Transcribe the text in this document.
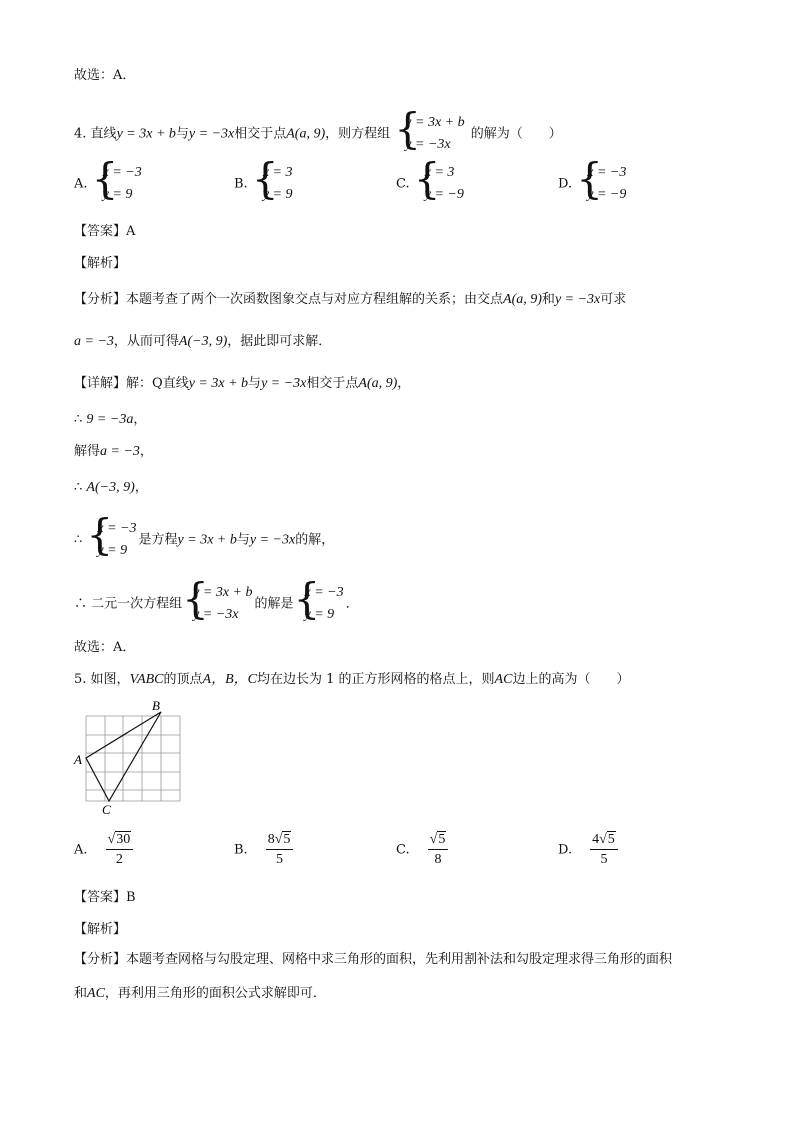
故选：A．
4. 直线y = 3x + b与y = −3x相交于点A(a, 9)，则方程组
{ y = 3x + b
y = −3x
的解为（　　）
A.
{ x = −3
y = 9
B.
{ x = 3
y = 9
C.
{ x = 3
y = −9
D.
{ x = −3
y = −9
【答案】A
【解析】
【分析】本题考查了两个一次函数图象交点与对应方程组解的关系；由交点A(a, 9)和y = −3x可求
a = −3，从而可得A(−3, 9)，据此即可求解．
【详解】解：Q直线y = 3x + b与y = −3x相交于点A(a, 9)，
∴ 9 = −3a，
解得a = −3，
∴ A(−3, 9)，
∴
{ x = −3
y = 9
是方程y = 3x + b与y = −3x的解，
∴ 二元一次方程组
{ y = 3x + b
y = −3x
的解是
{ x = −3
y = 9
．
故选：A．
5. 如图，VABC的顶点A，B，C均在边长为 1 的正方形网格的格点上，则AC边上的高为（　　）
B
A
C
A. $\frac{√30}{2}$	B. $\frac{8√5}{5}$	C. $\frac{√5}{8}$	D. $\frac{4√5}{5}$
【答案】B
【解析】
【分析】本题考查网格与勾股定理、网格中求三角形的面积，先利用割补法和勾股定理求得三角形的面积
和AC，再利用三角形的面积公式求解即可．
